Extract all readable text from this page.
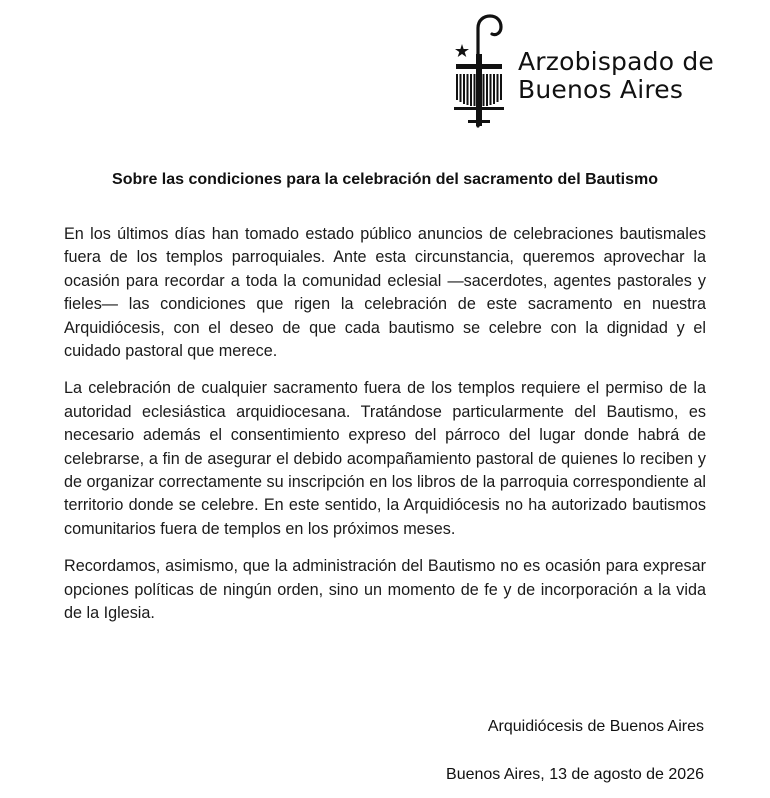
Arzobispado de
Buenos Aires
Sobre las condiciones para la celebración del sacramento del Bautismo

En los últimos días han tomado estado público anuncios de celebraciones bautismales fuera de los templos parroquiales. Ante esta circunstancia, queremos aprovechar la ocasión para recordar a toda la comunidad eclesial —sacerdotes, agentes pastorales y fieles— las condiciones que rigen la celebración de este sacramento en nuestra Arquidiócesis, con el deseo de que cada bautismo se celebre con la dignidad y el cuidado pastoral que merece.

La celebración de cualquier sacramento fuera de los templos requiere el permiso de la autoridad eclesiástica arquidiocesana. Tratándose particularmente del Bautismo, es necesario además el consentimiento expreso del párroco del lugar donde habrá de celebrarse, a fin de asegurar el debido acompañamiento pastoral de quienes lo reciben y de organizar correctamente su inscripción en los libros de la parroquia correspondiente al territorio donde se celebre. En este sentido, la Arquidiócesis no ha autorizado bautismos comunitarios fuera de templos en los próximos meses.

Recordamos, asimismo, que la administración del Bautismo no es ocasión para expresar opciones políticas de ningún orden, sino un momento de fe y de incorporación a la vida de la Iglesia.

Arquidiócesis de Buenos Aires
Buenos Aires, 13 de agosto de 2026
